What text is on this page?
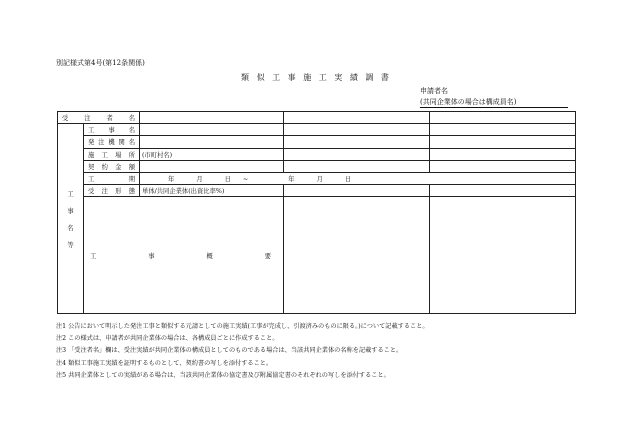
別記様式第4号(第12条関係)
類 似 工 事 施 工 実 績 調 書
申請者名
(共同企業体の場合は構成員名)
受 注 者 名					

工
事
名
等	工 事 名				
	発注機関名				
	施 工 場 所	(市町村名)			
	契約金額				
	工 期	年 月 日 ~ 年 月 日			
	受 注 形 態	単体/共同企業体(出資比率%)			
	工 事 概 要				
注1 公告において明示した発注工事と類似する元請としての施工実績(工事が完成し、引渡済みのものに限る。)について記載すること。
注2 この様式は、申請者が共同企業体の場合は、各構成員ごとに作成すること。
注3 「受注者名」欄は、受注実績が共同企業体の構成員としてのものである場合は、当該共同企業体の名称を記載すること。
注4 類似工事施工実績を証明するものとして、契約書の写しを添付すること。
注5 共同企業体としての実績がある場合は、当該共同企業体の協定書及び附属協定書のそれぞれの写しを添付すること。
